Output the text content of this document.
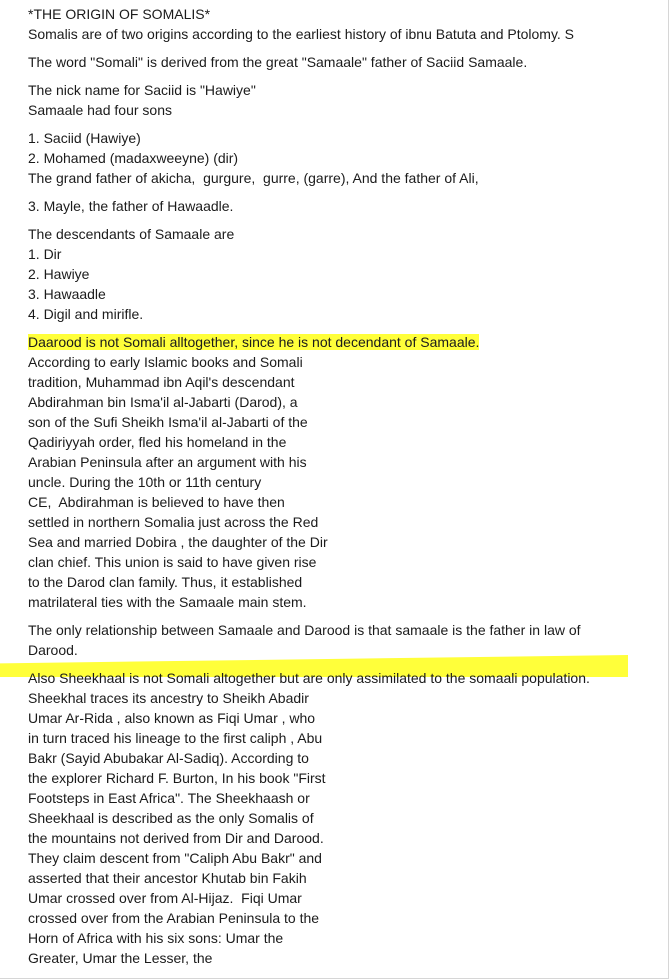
*THE ORIGIN OF SOMALIS*
Somalis are of two origins according to the earliest history of ibnu Batuta and Ptolomy. S
The word "Somali" is derived from the great "Samaale" father of Saciid Samaale.
The nick name for Saciid is "Hawiye"
Samaale had four sons
1. Saciid (Hawiye)
2. Mohamed (madaxweeyne) (dir)
The grand father of akicha,  gurgure,  gurre, (garre), And the father of Ali,
3. Mayle, the father of Hawaadle.
The descendants of Samaale are
1. Dir
2. Hawiye
3. Hawaadle
4. Digil and mirifle.
Daarood is not Somali alltogether, since he is not decendant of Samaale.
According to early Islamic books and Somali
tradition, Muhammad ibn Aqil's descendant
Abdirahman bin Isma'il al-Jabarti (Darod), a
son of the Sufi Sheikh Isma'il al-Jabarti of the
Qadiriyyah order, fled his homeland in the
Arabian Peninsula after an argument with his
uncle. During the 10th or 11th century
CE,  Abdirahman is believed to have then
settled in northern Somalia just across the Red
Sea and married Dobira , the daughter of the Dir
clan chief. This union is said to have given rise
to the Darod clan family. Thus, it established
matrilateral ties with the Samaale main stem.
The only relationship between Samaale and Darood is that samaale is the father in law of
Darood.
Also Sheekhaal is not Somali altogether but are only assimilated to the somaali population.
Sheekhal traces its ancestry to Sheikh Abadir
Umar Ar-Rida , also known as Fiqi Umar , who
in turn traced his lineage to the first caliph , Abu
Bakr (Sayid Abubakar Al-Sadiq). According to
the explorer Richard F. Burton, In his book "First
Footsteps in East Africa". The Sheekhaash or
Sheekhaal is described as the only Somalis of
the mountains not derived from Dir and Darood.
They claim descent from "Caliph Abu Bakr" and
asserted that their ancestor Khutab bin Fakih
Umar crossed over from Al-Hijaz.  Fiqi Umar
crossed over from the Arabian Peninsula to the
Horn of Africa with his six sons: Umar the
Greater, Umar the Lesser, the
